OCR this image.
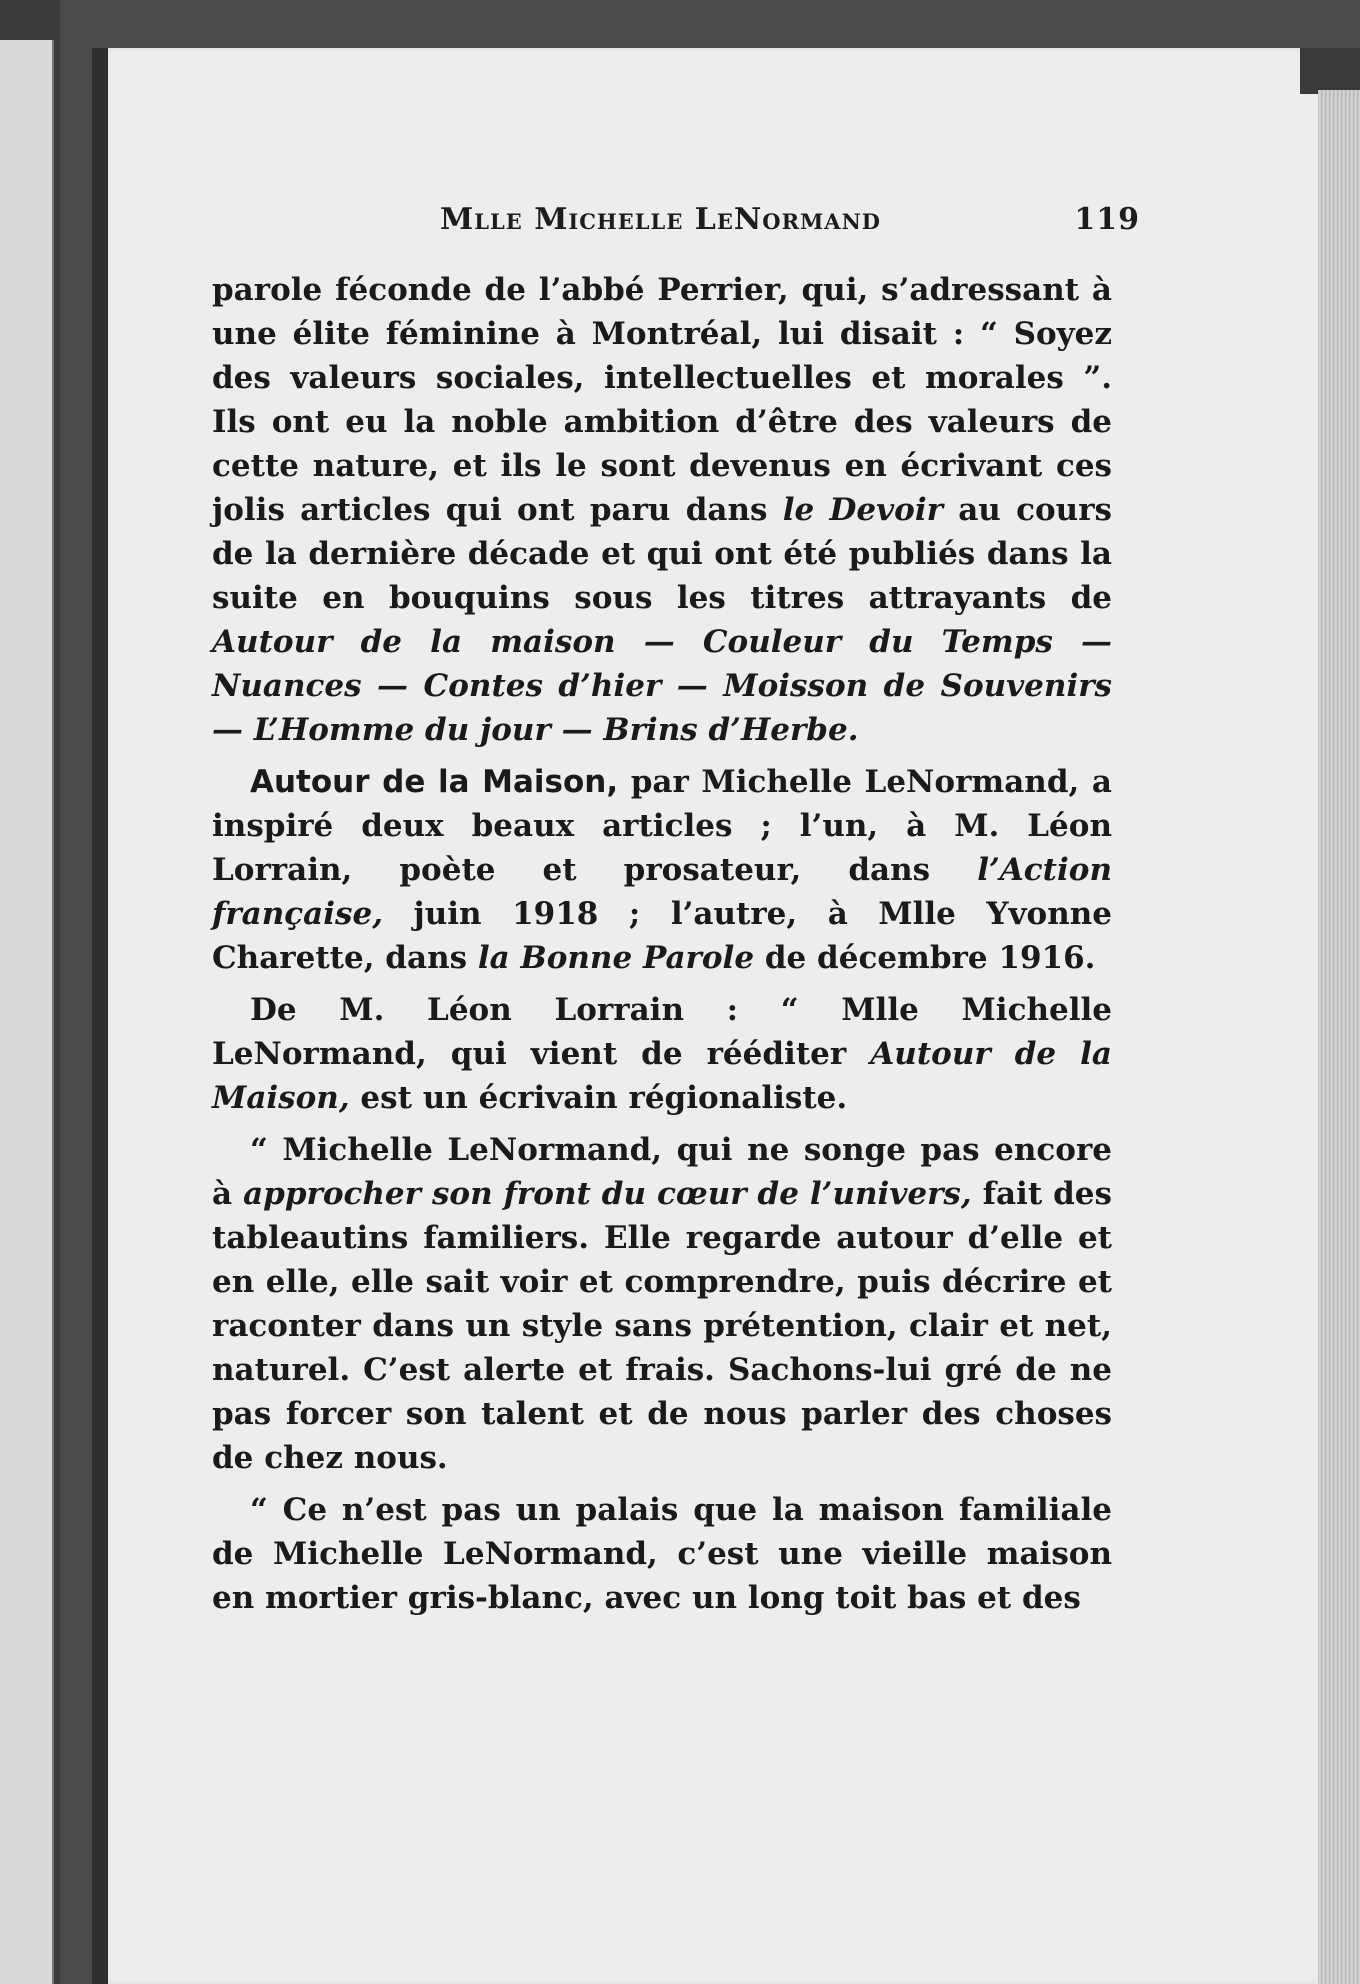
Mlle Michelle LeNormand	119

parole féconde de l’abbé Perrier, qui, s’adressant à une élite féminine à Montréal, lui disait : “ Soyez des valeurs sociales, intellectuelles et morales ”. Ils ont eu la noble ambition d’être des valeurs de cette nature, et ils le sont devenus en écrivant ces jolis articles qui ont paru dans le Devoir au cours de la dernière décade et qui ont été publiés dans la suite en bouquins sous les titres attrayants de Autour de la maison — Couleur du Temps — Nuances — Contes d’hier — Moisson de Souvenirs — L’Homme du jour — Brins d’Herbe.

Autour de la Maison, par Michelle LeNormand, a inspiré deux beaux articles ; l’un, à M. Léon Lorrain, poète et prosateur, dans l’Action française, juin 1918 ; l’autre, à Mlle Yvonne Charette, dans la Bonne Parole de décembre 1916.

De M. Léon Lorrain : “ Mlle Michelle LeNormand, qui vient de rééditer Autour de la Maison, est un écrivain régionaliste.

“ Michelle LeNormand, qui ne songe pas encore à approcher son front du cœur de l’univers, fait des tableautins familiers. Elle regarde autour d’elle et en elle, elle sait voir et comprendre, puis décrire et raconter dans un style sans prétention, clair et net, naturel. C’est alerte et frais. Sachons-lui gré de ne pas forcer son talent et de nous parler des choses de chez nous.

“ Ce n’est pas un palais que la maison familiale de Michelle LeNormand, c’est une vieille maison en mortier gris-blanc, avec un long toit bas et des
